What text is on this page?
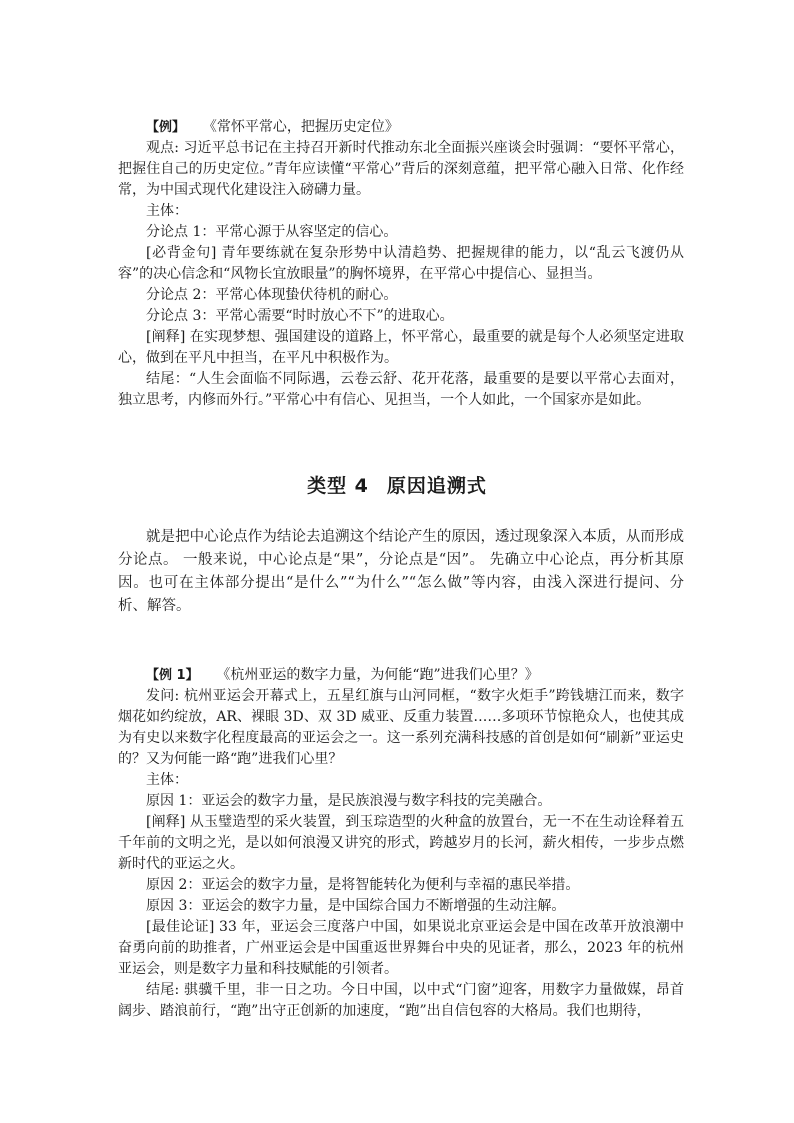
【例】 《常怀平常心，把握历史定位》

观点: 习近平总书记在主持召开新时代推动东北全面振兴座谈会时强调：“要怀平常心，把握住自己的历史定位。”青年应读懂“平常心”背后的深刻意蕴，把平常心融入日常、化作经常，为中国式现代化建设注入磅礴力量。

主体：

分论点 1：平常心源于从容坚定的信心。

[必背金句] 青年要练就在复杂形势中认清趋势、把握规律的能力，以“乱云飞渡仍从容”的决心信念和“风物长宜放眼量”的胸怀境界，在平常心中提信心、显担当。

分论点 2：平常心体现蛰伏待机的耐心。

分论点 3：平常心需要“时时放心不下”的进取心。

[阐释] 在实现梦想、强国建设的道路上，怀平常心，最重要的就是每个人必须坚定进取心，做到在平凡中担当，在平凡中积极作为。

结尾：“人生会面临不同际遇，云卷云舒、花开花落，最重要的是要以平常心去面对，独立思考，内修而外行。”平常心中有信心、见担当，一个人如此，一个国家亦是如此。

类型 4 原因追溯式

就是把中心论点作为结论去追溯这个结论产生的原因，透过现象深入本质，从而形成分论点。 一般来说，中心论点是“果”，分论点是“因”。 先确立中心论点，再分析其原因。也可在主体部分提出“是什么”“为什么”“怎么做”等内容，由浅入深进行提问、分析、解答。

【例 1】 《杭州亚运的数字力量，为何能“跑”进我们心里？》

发问: 杭州亚运会开幕式上，五星红旗与山河同框，“数字火炬手”跨钱塘江而来，数字烟花如约绽放，AR、裸眼 3D、双 3D 威亚、反重力装置……多项环节惊艳众人，也使其成为有史以来数字化程度最高的亚运会之一。这一系列充满科技感的首创是如何“刷新”亚运史的？又为何能一路“跑”进我们心里？

主体：

原因 1：亚运会的数字力量，是民族浪漫与数字科技的完美融合。

[阐释] 从玉璧造型的采火装置，到玉琮造型的火种盒的放置台，无一不在生动诠释着五千年前的文明之光，是以如何浪漫又讲究的形式，跨越岁月的长河，薪火相传，一步步点燃新时代的亚运之火。

原因 2：亚运会的数字力量，是将智能转化为便利与幸福的惠民举措。

原因 3：亚运会的数字力量，是中国综合国力不断增强的生动注解。

[最佳论证] 33 年，亚运会三度落户中国，如果说北京亚运会是中国在改革开放浪潮中奋勇向前的助推者，广州亚运会是中国重返世界舞台中央的见证者，那么，2023 年的杭州亚运会，则是数字力量和科技赋能的引领者。

结尾: 骐骥千里，非一日之功。今日中国，以中式“门窗”迎客，用数字力量做媒，昂首阔步、踏浪前行，“跑”出守正创新的加速度，“跑”出自信包容的大格局。我们也期待，
